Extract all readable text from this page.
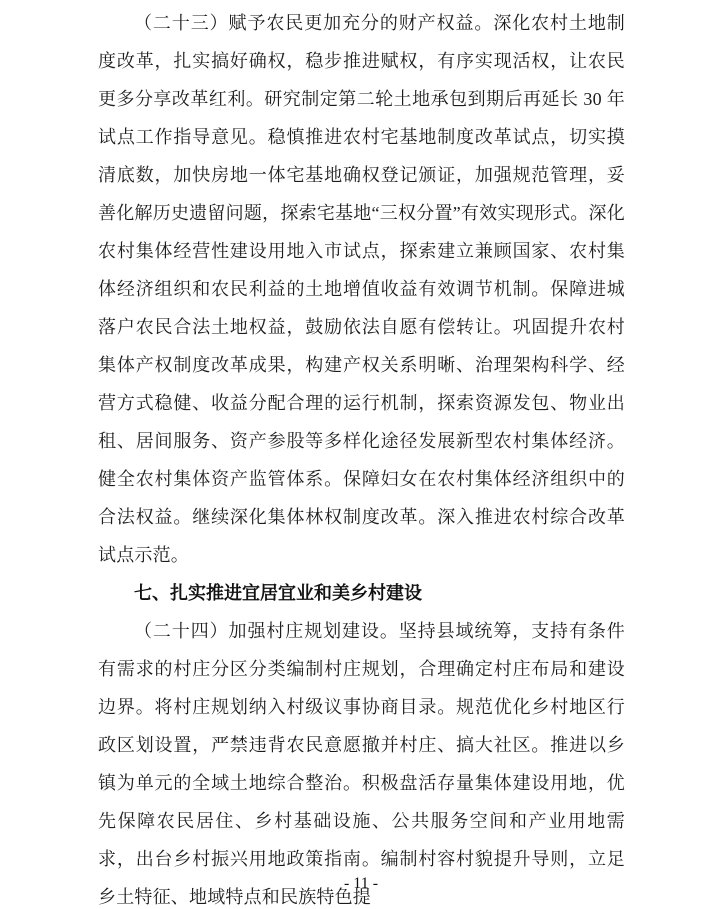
（二十三）赋予农民更加充分的财产权益。深化农村土地制度改革，扎实搞好确权，稳步推进赋权，有序实现活权，让农民更多分享改革红利。研究制定第二轮土地承包到期后再延长 30 年试点工作指导意见。稳慎推进农村宅基地制度改革试点，切实摸清底数，加快房地一体宅基地确权登记颁证，加强规范管理，妥善化解历史遗留问题，探索宅基地“三权分置”有效实现形式。深化农村集体经营性建设用地入市试点，探索建立兼顾国家、农村集体经济组织和农民利益的土地增值收益有效调节机制。保障进城落户农民合法土地权益，鼓励依法自愿有偿转让。巩固提升农村集体产权制度改革成果，构建产权关系明晰、治理架构科学、经营方式稳健、收益分配合理的运行机制，探索资源发包、物业出租、居间服务、资产参股等多样化途径发展新型农村集体经济。健全农村集体资产监管体系。保障妇女在农村集体经济组织中的合法权益。继续深化集体林权制度改革。深入推进农村综合改革试点示范。

七、扎实推进宜居宜业和美乡村建设

（二十四）加强村庄规划建设。坚持县域统筹，支持有条件有需求的村庄分区分类编制村庄规划，合理确定村庄布局和建设边界。将村庄规划纳入村级议事协商目录。规范优化乡村地区行政区划设置，严禁违背农民意愿撤并村庄、搞大社区。推进以乡镇为单元的全域土地综合整治。积极盘活存量集体建设用地，优先保障农民居住、乡村基础设施、公共服务空间和产业用地需求，出台乡村振兴用地政策指南。编制村容村貌提升导则，立足乡土特征、地域特点和民族特色提

- 11 -
